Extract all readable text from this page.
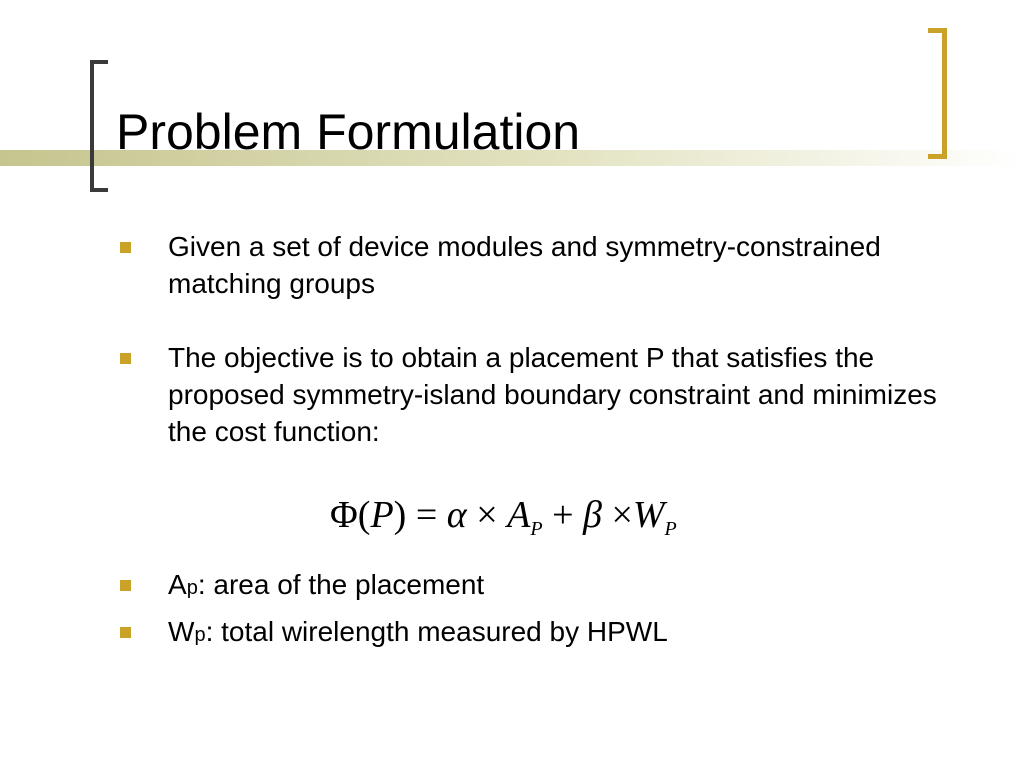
Problem Formulation
Given a set of device modules and symmetry-constrained matching groups
The objective is to obtain a placement P that satisfies the proposed symmetry-island boundary constraint and minimizes the cost function:
$\Phi(P) = \alpha \times A_P + \beta \times W_P$
Ap: area of the placement
Wp: total wirelength measured by HPWL
